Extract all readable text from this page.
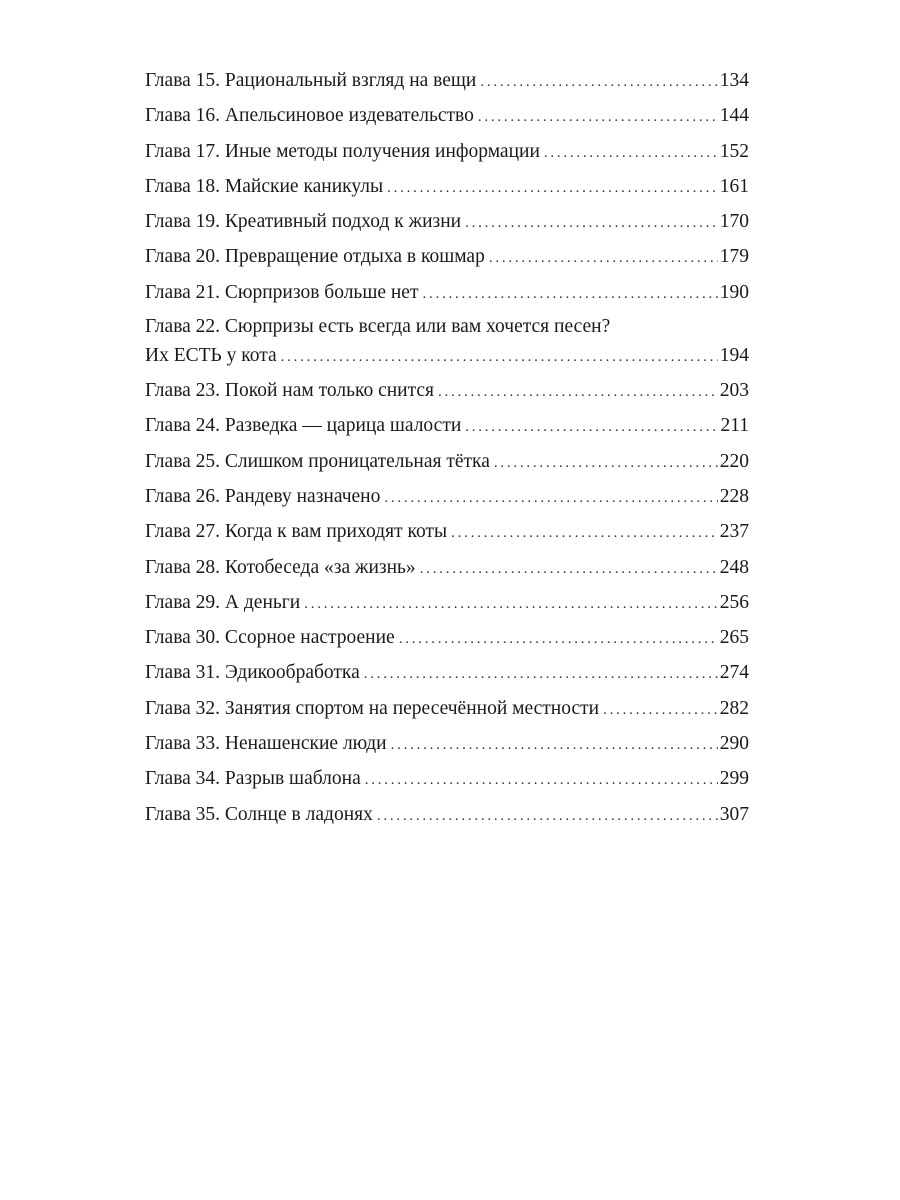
Глава 15. Рациональный взгляд на вещи . . .	134
Глава 16. Апельсиновое издевательство . . .	144
Глава 17. Иные методы получения информации . . .	152
Глава 18. Майские каникулы . . .	161
Глава 19. Креативный подход к жизни . . .	170
Глава 20. Превращение отдыха в кошмар . . .	179
Глава 21. Сюрпризов больше нет . . .	190
Глава 22. Сюрпризы есть всегда или вам хочется песен?
Их ЕСТЬ у кота . . .	194
Глава 23. Покой нам только снится . . .	203
Глава 24. Разведка — царица шалости . . .	211
Глава 25. Слишком проницательная тётка . . .	220
Глава 26. Рандеву назначено . . .	228
Глава 27. Когда к вам приходят коты . . .	237
Глава 28. Котобеседа «за жизнь» . . .	248
Глава 29. А деньги . . .	256
Глава 30. Ссорное настроение . . .	265
Глава 31. Эдикообработка . . .	274
Глава 32. Занятия спортом на пересечённой местности . . .	282
Глава 33. Ненашенские люди . . .	290
Глава 34. Разрыв шаблона . . .	299
Глава 35. Солнце в ладонях . . .	307
